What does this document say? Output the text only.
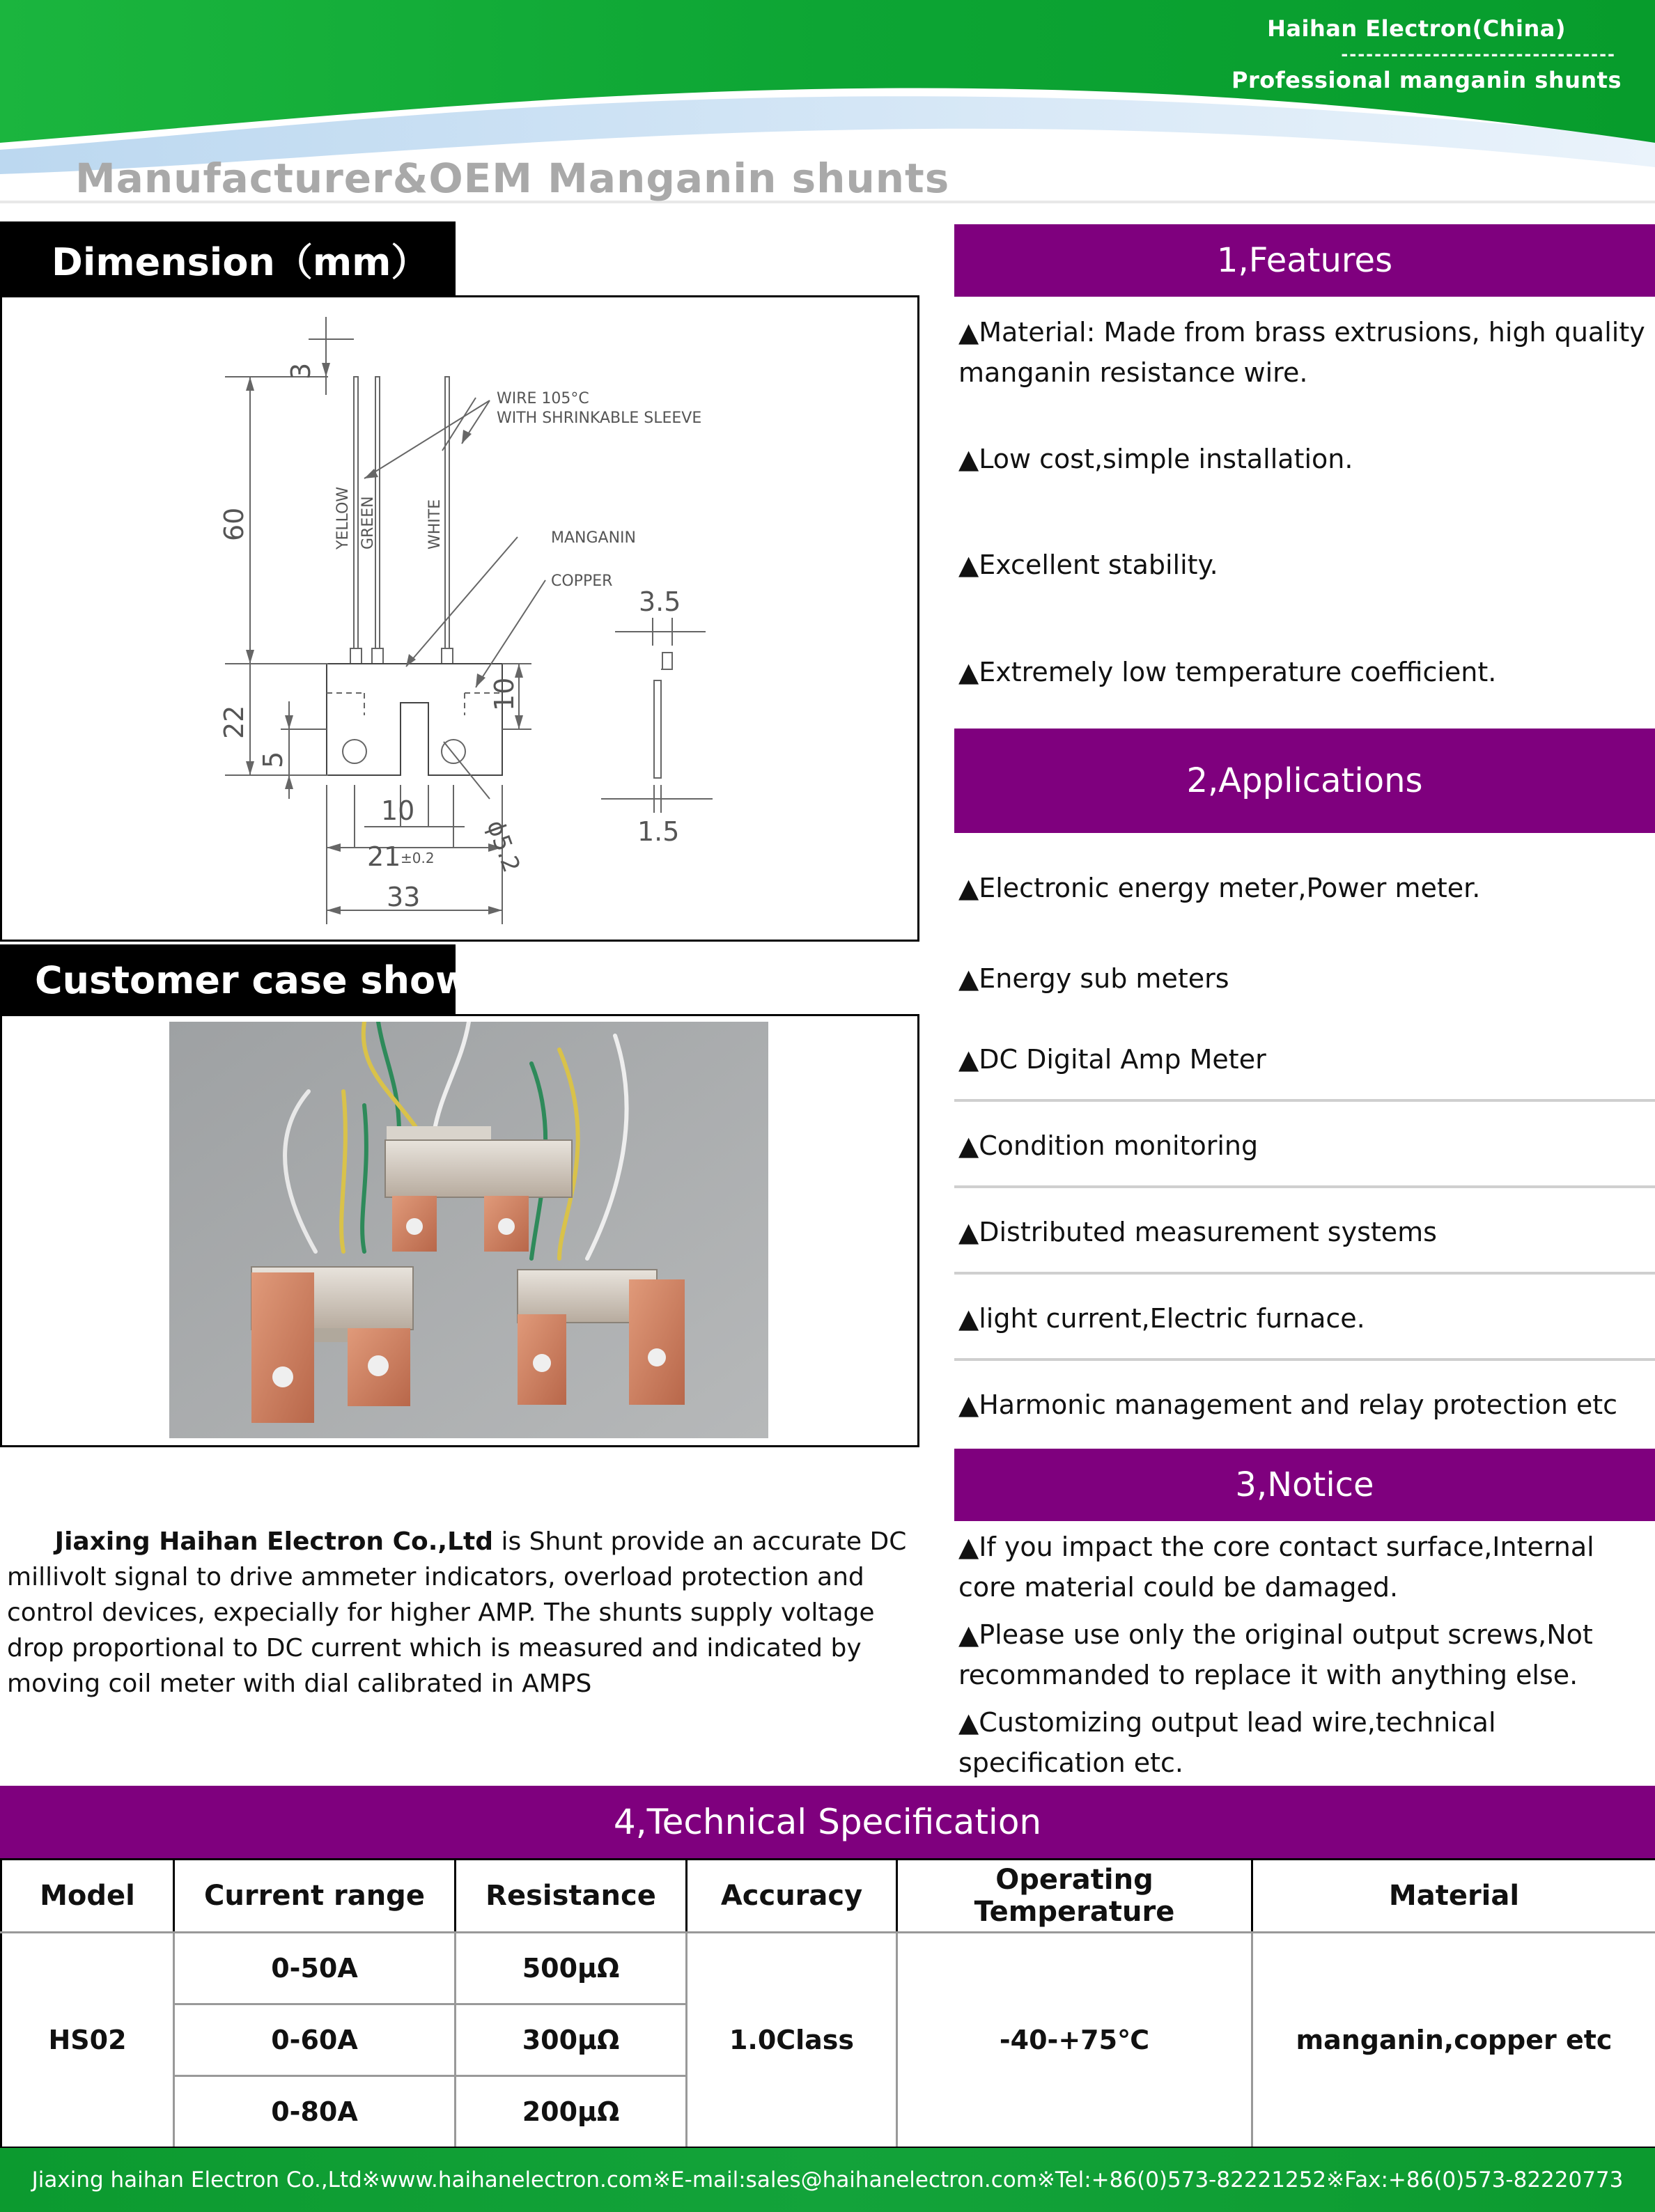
Haihan Electron(China)
---------------------------------
Professional manganin shunts
Manufacturer&OEM Manganin shunts
Dimension（mm）
WIRE 105°C
WITH SHRINKABLE SLEEVE
YELLOW GREEN	WHITE	MANGANIN
COPPER
3
60
22
5
10
10
21 ±0.2
33
ϕ5.2
3.5
1.5
Customer case show
Jiaxing Haihan Electron Co.,Ltd is Shunt provide an accurate DC millivolt signal to drive ammeter indicators, overload protection and control devices, expecially for higher AMP. The shunts supply voltage drop proportional to DC current which is measured and indicated by moving coil meter with dial calibrated in AMPS
1,Features
▲Material: Made from brass extrusions, high quality manganin resistance wire.
▲Low cost,simple installation.
▲Excellent stability.
▲Extremely low temperature coefficient.
2,Applications
▲Electronic energy meter,Power meter.
▲Energy sub meters
▲DC Digital Amp Meter
▲Condition monitoring
▲Distributed measurement systems
▲light current,Electric furnace.
▲Harmonic management and relay protection etc
3,Notice
▲If you impact the core contact surface,Internal core material could be damaged.
▲Please use only the original output screws,Not recommanded to replace it with anything else.
▲Customizing output lead wire,technical specification etc.
4,Technical Specification
Model	Current range	Resistance	Accuracy	Operating Temperature	Material
HS02	0-50A	500μΩ	1.0Class	-40-+75℃	manganin,copper etc
	0-60A	300μΩ			
	0-80A	200μΩ			
Jiaxing haihan Electron Co.,Ltd※www.haihanelectron.com※E-mail:sales@haihanelectron.com※Tel:+86(0)573-82221252※Fax:+86(0)573-82220773
